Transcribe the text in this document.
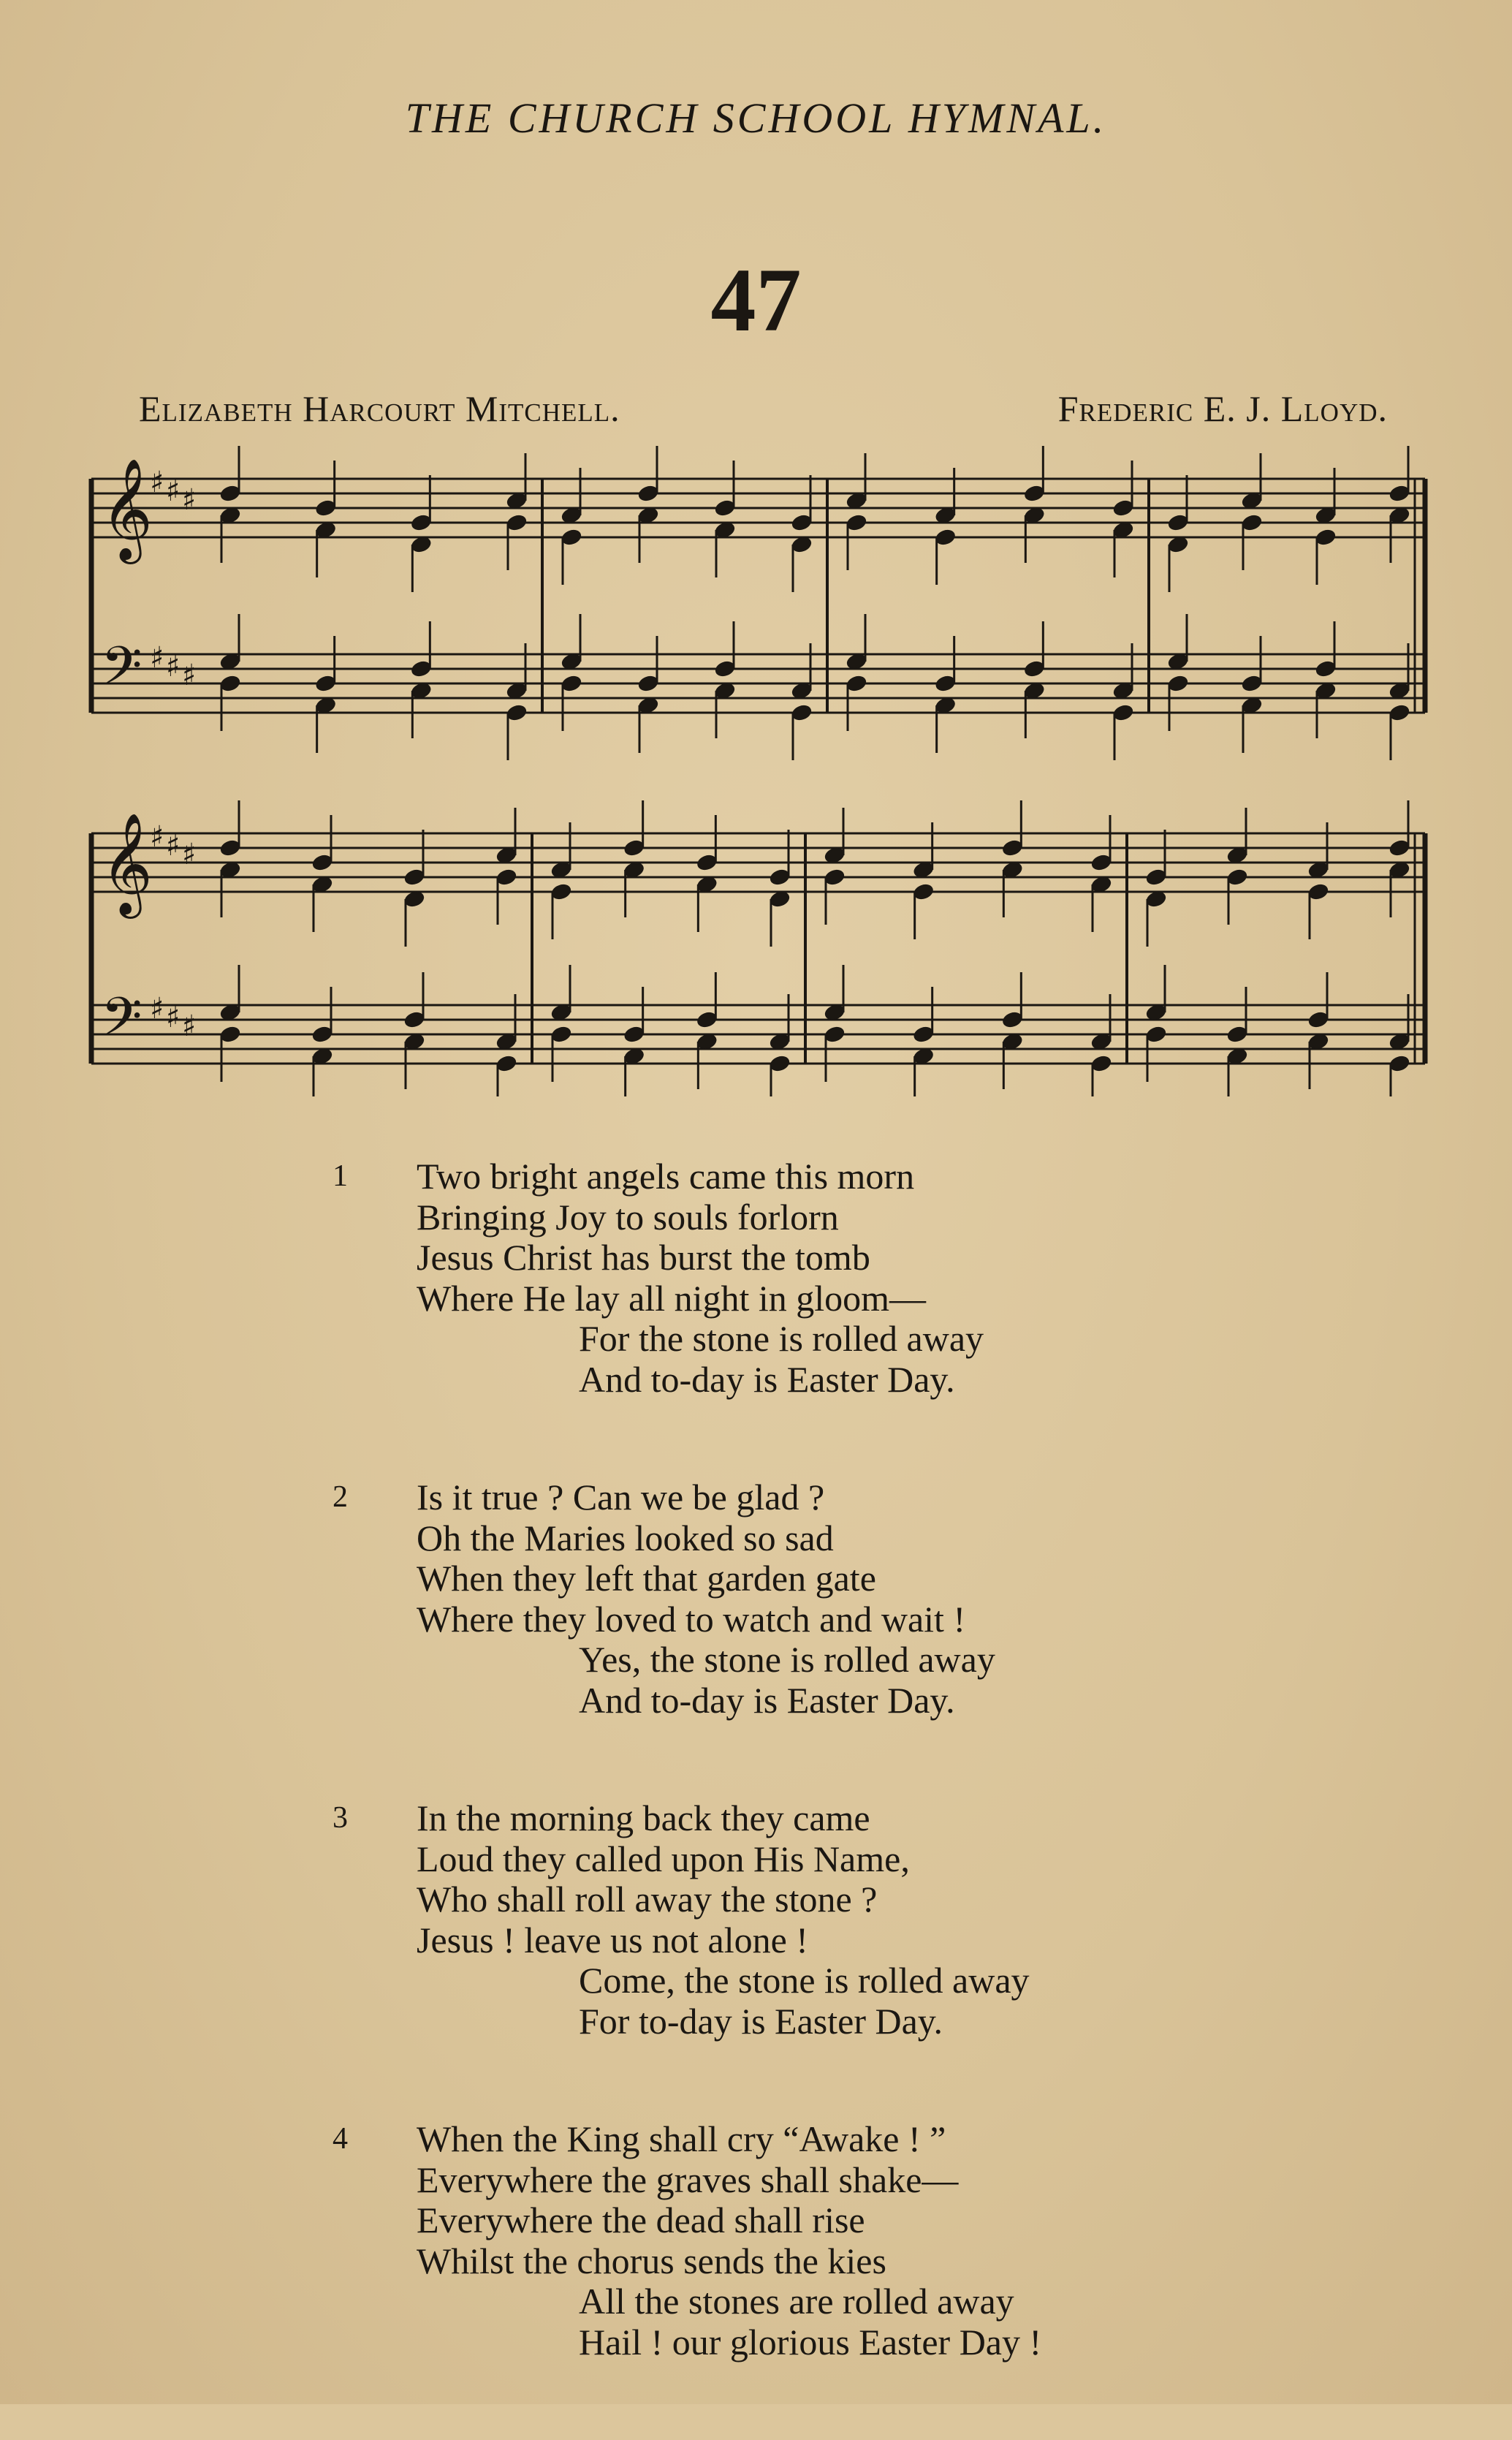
THE CHURCH SCHOOL HYMNAL.
47
Elizabeth Harcourt Mitchell.	Frederic E. J. Lloyd.
𝄞
𝄢
♯ ♯ ♯
♯ ♯ ♯
𝄞
𝄢
♯ ♯ ♯
♯ ♯ ♯
1	Two bright angels came this morn
Bringing Joy to souls forlorn
Jesus Christ has burst the tomb
Where He lay all night in gloom—
For the stone is rolled away
And to-day is Easter Day.
2	Is it true ? Can we be glad ?
Oh the Maries looked so sad
When they left that garden gate
Where they loved to watch and wait !
Yes, the stone is rolled away
And to-day is Easter Day.
3	In the morning back they came
Loud they called upon His Name,
Who shall roll away the stone ?
Jesus ! leave us not alone !
Come, the stone is rolled away
For to-day is Easter Day.
4	When the King shall cry “Awake ! ”
Everywhere the graves shall shake—
Everywhere the dead shall rise
Whilst the chorus sends the kies
All the stones are rolled away
Hail ! our glorious Easter Day !
